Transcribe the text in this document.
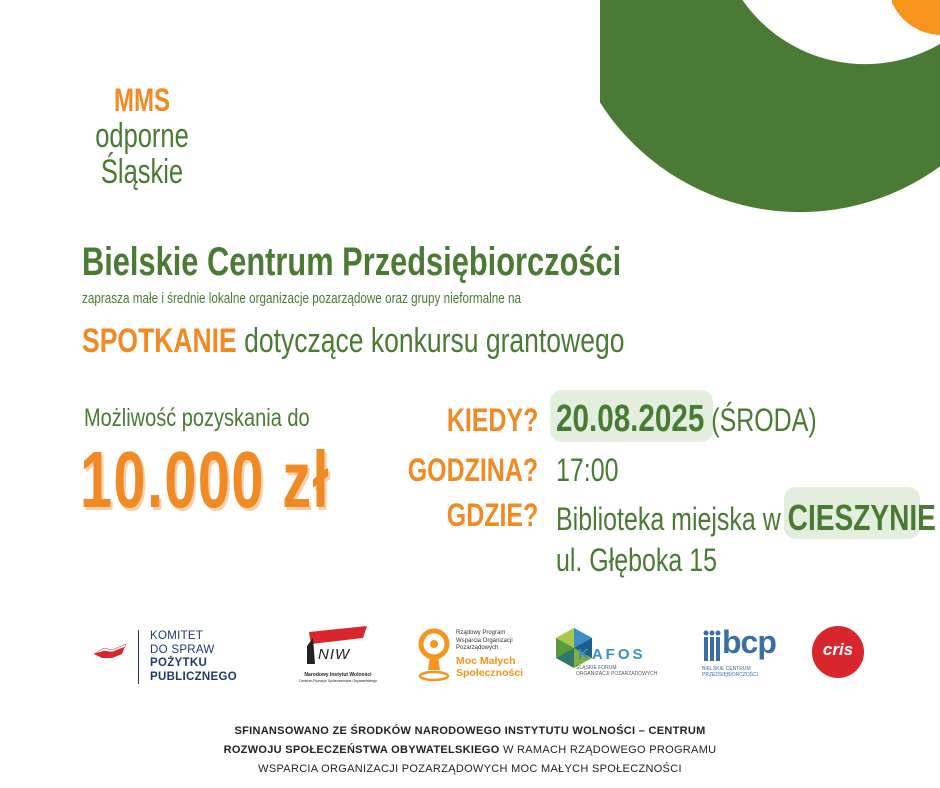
MMS
odporne
Śląskie
Bielskie Centrum Przedsiębiorczości
zaprasza małe i średnie lokalne organizacje pozarządowe oraz grupy nieformalne na
SPOTKANIE dotyczące konkursu grantowego
Możliwość pozyskania do
10.000 zł
KIEDY? 20.08.2025 (ŚRODA)
GODZINA? 17:00
GDZIE? Biblioteka miejska w CIESZYNIE
ul. Głęboka 15
KOMITET
DO SPRAW
POŻYTKU
PUBLICZNEGO
NIW
Narodowy Instytut Wolności
Centrum Rozwoju Społeczeństwa Obywatelskiego
Rządowy Program
Wsparcia Organizacji
Pozarządowych
Moc Małych
Społeczności
KAFOS
ŚLĄSKIE FORUM
ORGANIZACJI POZARZĄDOWYCH
bcp
BIELSKIE CENTRUM
PRZEDSIĘBIORCZOŚCI
cris
SFINANSOWANO ZE ŚRODKÓW NARODOWEGO INSTYTUTU WOLNOŚCI – CENTRUM
ROZWOJU SPOŁECZEŃSTWA OBYWATELSKIEGO W RAMACH RZĄDOWEGO PROGRAMU
WSPARCIA ORGANIZACJI POZARZĄDOWYCH MOC MAŁYCH SPOŁECZNOŚCI
